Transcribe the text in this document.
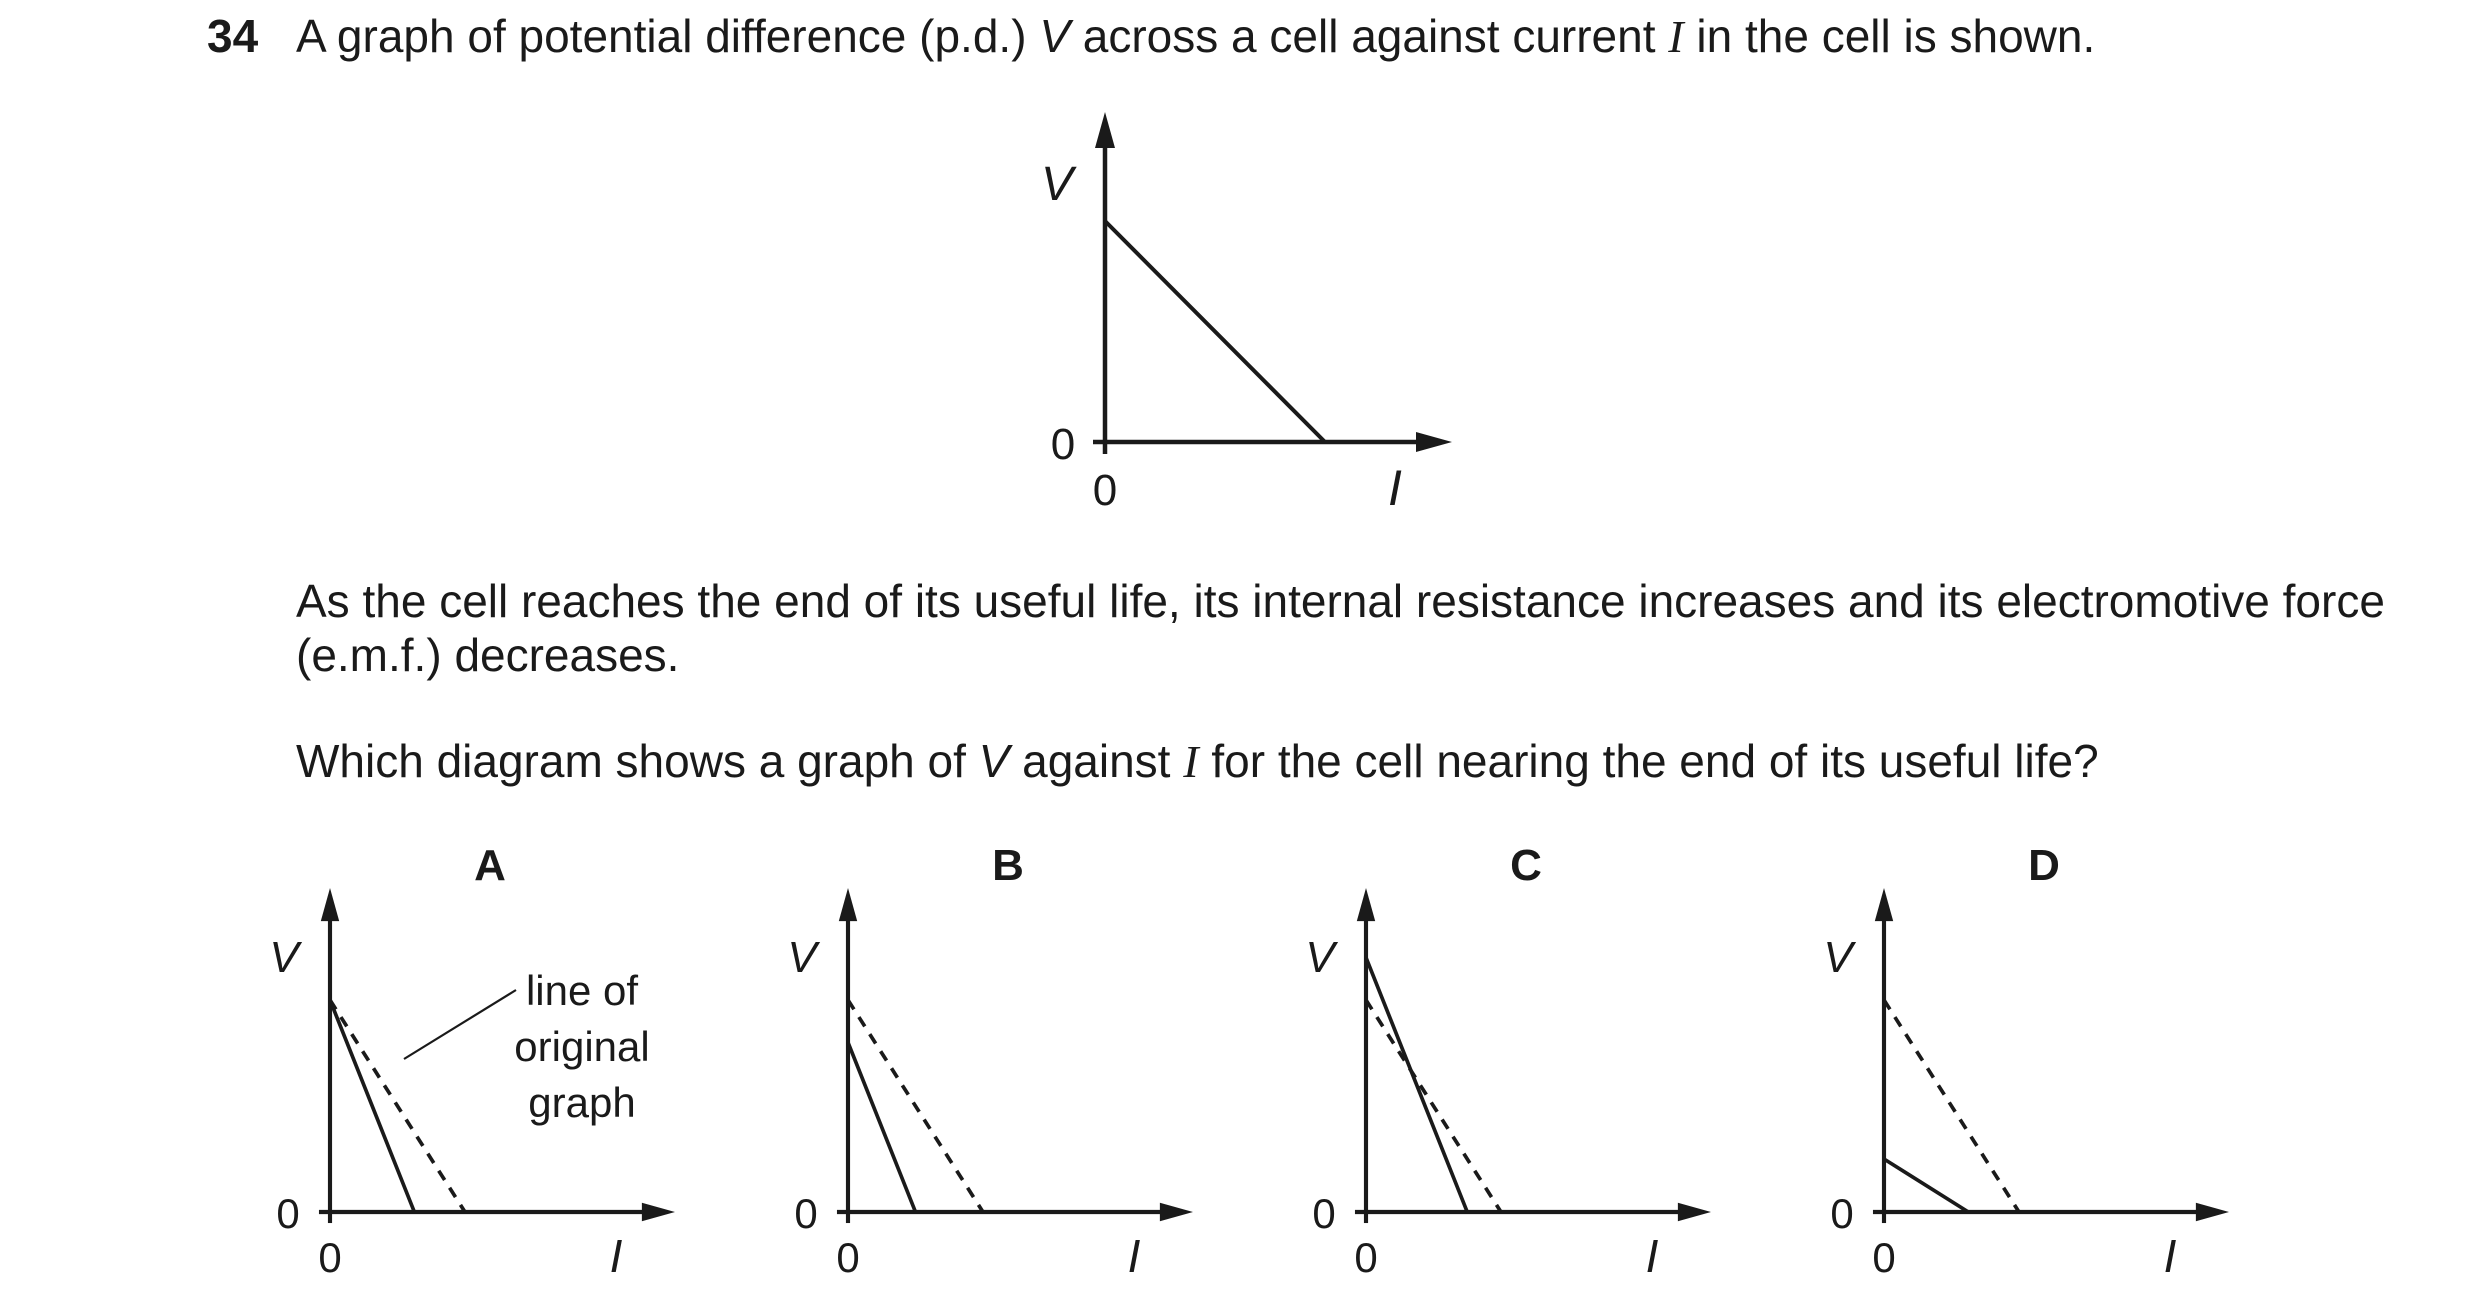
34 A graph of potential difference (p.d.) V across a cell against current I in the cell is shown.
As the cell reaches the end of its useful life, its internal resistance increases and its electromotive force (e.m.f.) decreases.
Which diagram shows a graph of V against I for the cell nearing the end of its useful life?
V
0
0	I
A
V
0
0	I
B
V
0
0	I
C
V
0
0	I
D
V
0
0	I
line of
original
graph
